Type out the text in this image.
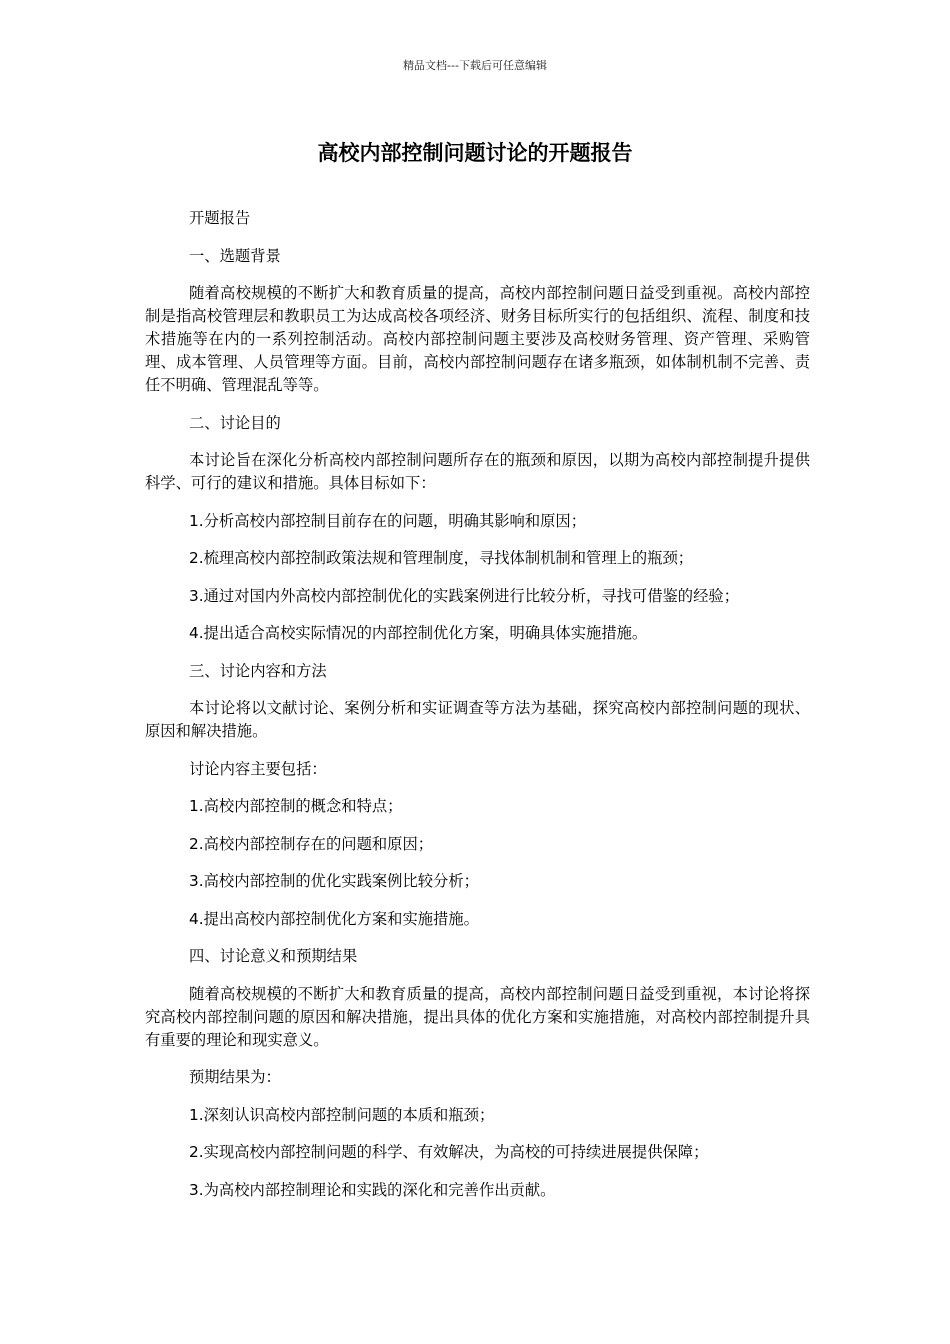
精品文档---下载后可任意编辑
高校内部控制问题讨论的开题报告

开题报告

一、选题背景

随着高校规模的不断扩大和教育质量的提高，高校内部控制问题日益受到重视。高校内部控制是指高校管理层和教职员工为达成高校各项经济、财务目标所实行的包括组织、流程、制度和技术措施等在内的一系列控制活动。高校内部控制问题主要涉及高校财务管理、资产管理、采购管理、成本管理、人员管理等方面。目前，高校内部控制问题存在诸多瓶颈，如体制机制不完善、责任不明确、管理混乱等等。

二、讨论目的

本讨论旨在深化分析高校内部控制问题所存在的瓶颈和原因，以期为高校内部控制提升提供科学、可行的建议和措施。具体目标如下：

1.分析高校内部控制目前存在的问题，明确其影响和原因；
2.梳理高校内部控制政策法规和管理制度，寻找体制机制和管理上的瓶颈；
3.通过对国内外高校内部控制优化的实践案例进行比较分析，寻找可借鉴的经验；
4.提出适合高校实际情况的内部控制优化方案，明确具体实施措施。

三、讨论内容和方法

本讨论将以文献讨论、案例分析和实证调查等方法为基础，探究高校内部控制问题的现状、原因和解决措施。

讨论内容主要包括：

1.高校内部控制的概念和特点；
2.高校内部控制存在的问题和原因；
3.高校内部控制的优化实践案例比较分析；
4.提出高校内部控制优化方案和实施措施。

四、讨论意义和预期结果

随着高校规模的不断扩大和教育质量的提高，高校内部控制问题日益受到重视，本讨论将探究高校内部控制问题的原因和解决措施，提出具体的优化方案和实施措施，对高校内部控制提升具有重要的理论和现实意义。

预期结果为：

1.深刻认识高校内部控制问题的本质和瓶颈；
2.实现高校内部控制问题的科学、有效解决，为高校的可持续进展提供保障；
3.为高校内部控制理论和实践的深化和完善作出贡献。
